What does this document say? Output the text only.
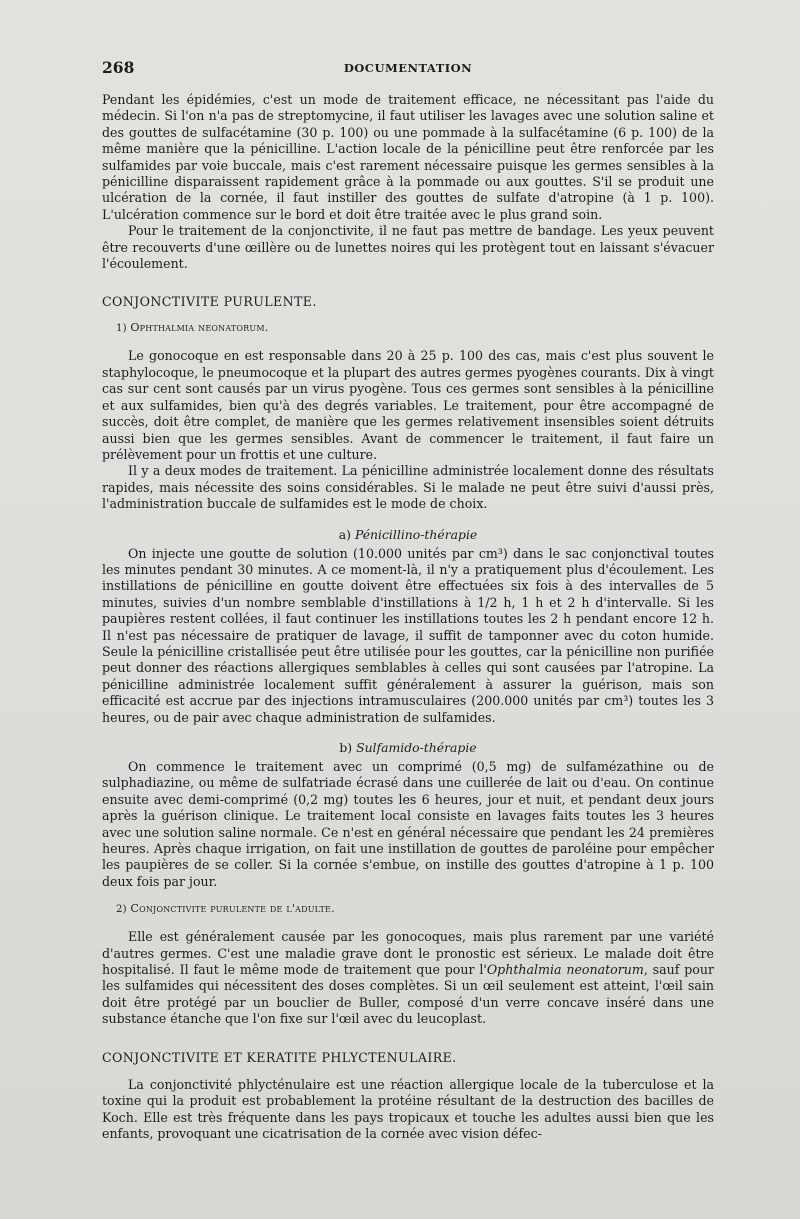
268	DOCUMENTATION

Pendant les épidémies, c'est un mode de traitement efficace, ne nécessitant pas l'aide du médecin. Si l'on n'a pas de streptomycine, il faut utiliser les lavages avec une solution saline et des gouttes de sulfacétamine (30 p. 100) ou une pommade à la sulfacétamine (6 p. 100) de la même manière que la pénicilline. L'action locale de la pénicilline peut être renforcée par les sulfamides par voie buccale, mais c'est rarement nécessaire puisque les germes sensibles à la pénicilline disparaissent rapidement grâce à la pommade ou aux gouttes. S'il se produit une ulcération de la cornée, il faut instiller des gouttes de sulfate d'atropine (à 1 p. 100). L'ulcération commence sur le bord et doit être traitée avec le plus grand soin.

Pour le traitement de la conjonctivite, il ne faut pas mettre de bandage. Les yeux peuvent être recouverts d'une œillère ou de lunettes noires qui les protègent tout en laissant s'évacuer l'écoulement.

CONJONCTIVITE PURULENTE.
1) Ophthalmia neonatorum.

Le gonocoque en est responsable dans 20 à 25 p. 100 des cas, mais c'est plus souvent le staphylocoque, le pneumocoque et la plupart des autres germes pyogènes courants. Dix à vingt cas sur cent sont causés par un virus pyogène. Tous ces germes sont sensibles à la pénicilline et aux sulfamides, bien qu'à des degrés variables. Le traitement, pour être accompagné de succès, doit être complet, de manière que les germes relativement insensibles soient détruits aussi bien que les germes sensibles. Avant de commencer le traitement, il faut faire un prélèvement pour un frottis et une culture.

Il y a deux modes de traitement. La pénicilline administrée localement donne des résultats rapides, mais nécessite des soins considérables. Si le malade ne peut être suivi d'aussi près, l'administration buccale de sulfamides est le mode de choix.

a) Pénicillino-thérapie

On injecte une goutte de solution (10.000 unités par cm³) dans le sac conjonctival toutes les minutes pendant 30 minutes. A ce moment-là, il n'y a pratiquement plus d'écoulement. Les instillations de pénicilline en goutte doivent être effectuées six fois à des intervalles de 5 minutes, suivies d'un nombre semblable d'instillations à 1/2 h, 1 h et 2 h d'intervalle. Si les paupières restent collées, il faut continuer les instillations toutes les 2 h pendant encore 12 h. Il n'est pas nécessaire de pratiquer de lavage, il suffit de tamponner avec du coton humide. Seule la pénicilline cristallisée peut être utilisée pour les gouttes, car la pénicilline non purifiée peut donner des réactions allergiques semblables à celles qui sont causées par l'atropine. La pénicilline administrée localement suffit généralement à assurer la guérison, mais son efficacité est accrue par des injections intramusculaires (200.000 unités par cm³) toutes les 3 heures, ou de pair avec chaque administration de sulfamides.

b) Sulfamido-thérapie

On commence le traitement avec un comprimé (0,5 mg) de sulfamézathine ou de sulphadiazine, ou même de sulfatriade écrasé dans une cuillerée de lait ou d'eau. On continue ensuite avec demi-comprimé (0,2 mg) toutes les 6 heures, jour et nuit, et pendant deux jours après la guérison clinique. Le traitement local consiste en lavages faits toutes les 3 heures avec une solution saline normale. Ce n'est en général nécessaire que pendant les 24 premières heures. Après chaque irrigation, on fait une instillation de gouttes de paroléine pour empêcher les paupières de se coller. Si la cornée s'embue, on instille des gouttes d'atropine à 1 p. 100 deux fois par jour.

2) Conjonctivite purulente de l'adulte.

Elle est généralement causée par les gonocoques, mais plus rarement par une variété d'autres germes. C'est une maladie grave dont le pronostic est sérieux. Le malade doit être hospitalisé. Il faut le même mode de traitement que pour l'Ophthalmia neonatorum, sauf pour les sulfamides qui nécessitent des doses complètes. Si un œil seulement est atteint, l'œil sain doit être protégé par un bouclier de Buller, composé d'un verre concave inséré dans une substance étanche que l'on fixe sur l'œil avec du leucoplast.

CONJONCTIVITE ET KERATITE PHLYCTENULAIRE.

La conjonctivité phlycténulaire est une réaction allergique locale de la tuberculose et la toxine qui la produit est probablement la protéine résultant de la destruction des bacilles de Koch. Elle est très fréquente dans les pays tropicaux et touche les adultes aussi bien que les enfants, provoquant une cicatrisation de la cornée avec vision défec-
